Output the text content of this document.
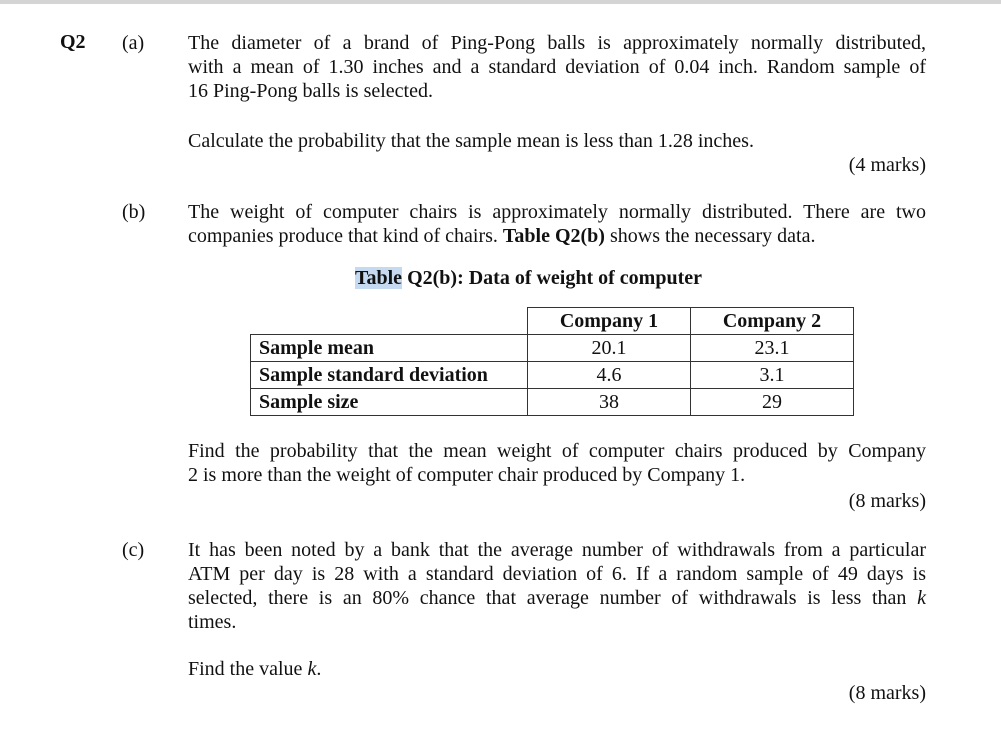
Q2 (a) The diameter of a brand of Ping-Pong balls is approximately normally distributed,
with a mean of 1.30 inches and a standard deviation of 0.04 inch. Random sample of
16 Ping-Pong balls is selected.
Calculate the probability that the sample mean is less than 1.28 inches.
(4 marks)
(b) The weight of computer chairs is approximately normally distributed. There are two
companies produce that kind of chairs. Table Q2(b) shows the necessary data.
Table Q2(b): Data of weight of computer
	Company 1	Company 2
Sample mean	20.1	23.1
Sample standard deviation	4.6	3.1
Sample size	38	29
Find the probability that the mean weight of computer chairs produced by Company
2 is more than the weight of computer chair produced by Company 1.
(8 marks)
(c) It has been noted by a bank that the average number of withdrawals from a particular
ATM per day is 28 with a standard deviation of 6. If a random sample of 49 days is
selected, there is an 80% chance that average number of withdrawals is less than k
times.
Find the value k.
(8 marks)
